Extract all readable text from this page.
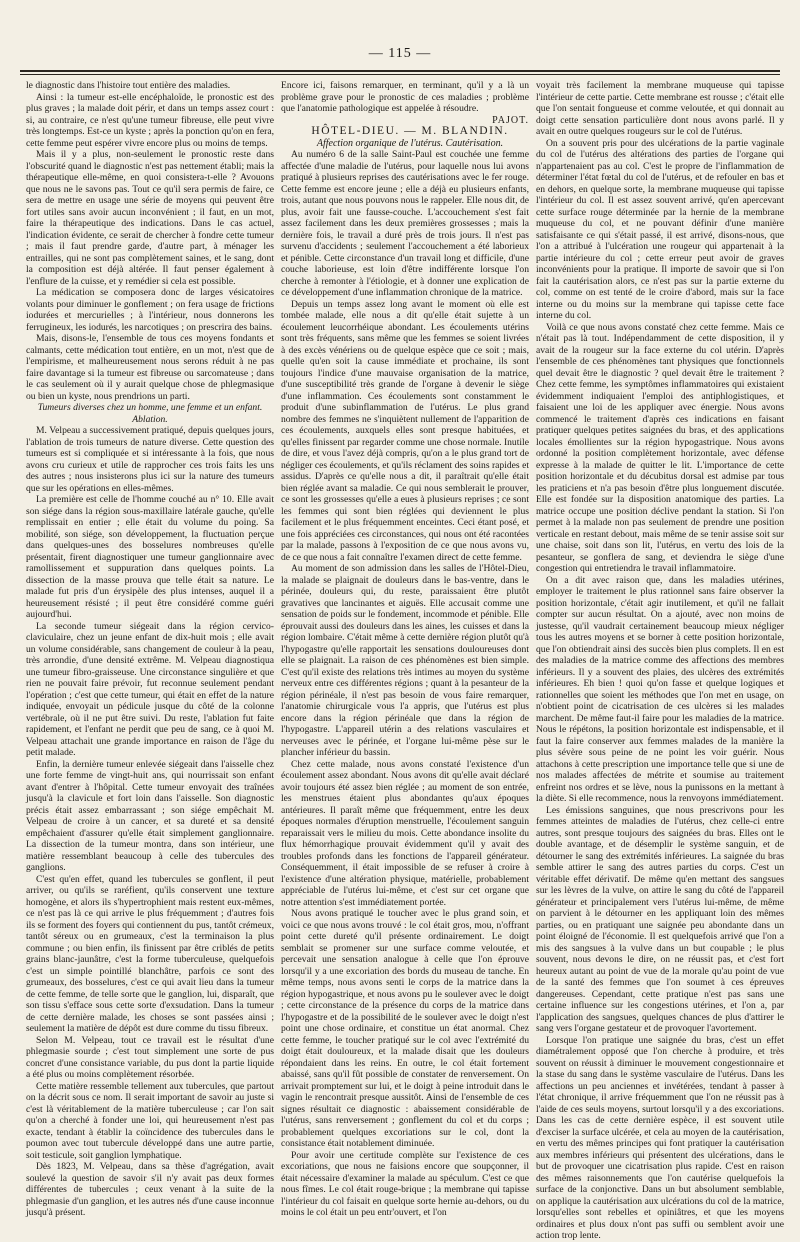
— 115 —

le diagnostic dans l'histoire tout entière des maladies.

Ainsi : la tumeur est-elle encéphaloïde, le pronostic est des plus graves ; la malade doit périr, et dans un temps assez court : si, au contraire, ce n'est qu'une tumeur fibreuse, elle peut vivre très longtemps. Est-ce un kyste ; après la ponction qu'on en fera, cette femme peut espérer vivre encore plus ou moins de temps.

Mais il y a plus, non-seulement le pronostic reste dans l'obscurité quand le diagnostic n'est pas nettement établi; mais la thérapeutique elle-même, en quoi consistera-t-elle ? Avouons que nous ne le savons pas. Tout ce qu'il sera permis de faire, ce sera de mettre en usage une série de moyens qui peuvent être fort utiles sans avoir aucun inconvénient ; il faut, en un mot, faire la thérapeutique des indications. Dans le cas actuel, l'indication évidente, ce serait de chercher à fondre cette tumeur ; mais il faut prendre garde, d'autre part, à ménager les entrailles, qui ne sont pas complètement saines, et le sang, dont la composition est déjà altérée. Il faut penser également à l'enflure de la cuisse, et y remédier si cela est possible.

La médication se composera donc de larges vésicatoires volants pour diminuer le gonflement ; on fera usage de frictions iodurées et mercurielles ; à l'intérieur, nous donnerons les ferrugineux, les iodurés, les narcotiques ; on prescrira des bains.

Mais, disons-le, l'ensemble de tous ces moyens fondants et calmants, cette médication tout entière, en un mot, n'est que de l'empirisme, et malheureusement nous serons réduit à ne pas faire davantage si la tumeur est fibreuse ou sarcomateuse ; dans le cas seulement où il y aurait quelque chose de phlegmasique ou bien un kyste, nous prendrions un parti.

Tumeurs diverses chez un homme, une femme et un enfant. Ablation.

M. Velpeau a successivement pratiqué, depuis quelques jours, l'ablation de trois tumeurs de nature diverse. Cette question des tumeurs est si compliquée et si intéressante à la fois, que nous avons cru curieux et utile de rapprocher ces trois faits les uns des autres ; nous insisterons plus ici sur la nature des tumeurs que sur les opérations en elles-mêmes.

La première est celle de l'homme couché au n° 10. Elle avait son siége dans la région sous-maxillaire latérale gauche, qu'elle remplissait en entier ; elle était du volume du poing. Sa mobilité, son siége, son développement, la fluctuation perçue dans quelques-unes des bosselures nombreuses qu'elle présentait, firent diagnostiquer une tumeur ganglionnaire avec ramollissement et suppuration dans quelques points. La dissection de la masse prouva que telle était sa nature. Le malade fut pris d'un érysipèle des plus intenses, auquel il a heureusement résisté ; il peut être considéré comme guéri aujourd'hui.

La seconde tumeur siégeait dans la région cervico-claviculaire, chez un jeune enfant de dix-huit mois ; elle avait un volume considérable, sans changement de couleur à la peau, très arrondie, d'une densité extrême. M. Velpeau diagnostiqua une tumeur fibro-graisseuse. Une circonstance singulière et que rien ne pouvait faire prévoir, fut reconnue seulement pendant l'opération ; c'est que cette tumeur, qui était en effet de la nature indiquée, envoyait un pédicule jusque du côté de la colonne vertébrale, où il ne put être suivi. Du reste, l'ablation fut faite rapidement, et l'enfant ne perdit que peu de sang, ce à quoi M. Velpeau attachait une grande importance en raison de l'âge du petit malade.

Enfin, la dernière tumeur enlevée siégeait dans l'aisselle chez une forte femme de vingt-huit ans, qui nourrissait son enfant avant d'entrer à l'hôpital. Cette tumeur envoyait des traînées jusqu'à la clavicule et fort loin dans l'aisselle. Son diagnostic précis était assez embarrassant ; son siége empêchait M. Velpeau de croire à un cancer, et sa dureté et sa densité empêchaient d'assurer qu'elle était simplement ganglionnaire. La dissection de la tumeur montra, dans son intérieur, une matière ressemblant beaucoup à celle des tubercules des ganglions.

C'est qu'en effet, quand les tubercules se gonflent, il peut arriver, ou qu'ils se raréfient, qu'ils conservent une texture homogène, et alors ils s'hypertrophient mais restent eux-mêmes, ce n'est pas là ce qui arrive le plus fréquemment ; d'autres fois ils se forment des foyers qui contiennent du pus, tantôt crémeux, tantôt séreux ou en grumeaux, c'est la terminaison la plus commune ; ou bien enfin, ils finissent par être criblés de petits grains blanc-jaunâtre, c'est la forme tuberculeuse, quelquefois c'est un simple pointillé blanchâtre, parfois ce sont des grumeaux, des bosselures, c'est ce qui avait lieu dans la tumeur de cette femme, de telle sorte que le ganglion, lui, disparaît, que son tissu s'efface sous cette sorte d'exsudation. Dans la tumeur de cette dernière malade, les choses se sont passées ainsi ; seulement la matière de dépôt est dure comme du tissu fibreux.

Selon M. Velpeau, tout ce travail est le résultat d'une phlegmasie sourde ; c'est tout simplement une sorte de pus concret d'une consistance variable, du pus dont la partie liquide a été plus ou moins complètement résorbée.

Cette matière ressemble tellement aux tubercules, que partout on la décrit sous ce nom. Il serait important de savoir au juste si c'est là véritablement de la matière tuberculeuse ; car l'on sait qu'on a cherché à fonder une loi, qui heureusement n'est pas exacte, tendant à établir la coïncidence des tubercules dans le poumon avec tout tubercule développé dans une autre partie, soit testicule, soit ganglion lymphatique.

Dès 1823, M. Velpeau, dans sa thèse d'agrégation, avait soulevé la question de savoir s'il n'y avait pas deux formes différentes de tubercules ; ceux venant à la suite de la phlegmasie d'un ganglion, et les autres nés d'une cause inconnue jusqu'à présent.

Encore ici, faisons remarquer, en terminant, qu'il y a là un problème grave pour le pronostic de ces maladies ; problème que l'anatomie pathologique est appelée à résoudre.

PAJOT.

HÔTEL-DIEU. — M. BLANDIN.

Affection organique de l'utérus. Cautérisation.

Au numéro 6 de la salle Saint-Paul est couchée une femme affectée d'une maladie de l'utérus, pour laquelle nous lui avons pratiqué à plusieurs reprises des cautérisations avec le fer rouge. Cette femme est encore jeune ; elle a déjà eu plusieurs enfants, trois, autant que nous pouvons nous le rappeler. Elle nous dit, de plus, avoir fait une fausse-couche. L'accouchement s'est fait assez facilement dans les deux premières grossesses ; mais la dernière fois, le travail a duré près de trois jours. Il n'est pas survenu d'accidents ; seulement l'accouchement a été laborieux et pénible. Cette circonstance d'un travail long et difficile, d'une couche laborieuse, est loin d'être indifférente lorsque l'on cherche à remonter à l'étiologie, et à donner une explication de ce développement d'une inflammation chronique de la matrice.

Depuis un temps assez long avant le moment où elle est tombée malade, elle nous a dit qu'elle était sujette à un écoulement leucorrhéique abondant. Les écoulements utérins sont très fréquents, sans même que les femmes se soient livrées à des excès vénériens ou de quelque espèce que ce soit ; mais, quelle qu'en soit la cause immédiate et prochaine, ils sont toujours l'indice d'une mauvaise organisation de la matrice, d'une susceptibilité très grande de l'organe à devenir le siège d'une inflammation. Ces écoulements sont constamment le produit d'une subinflammation de l'utérus. Le plus grand nombre des femmes ne s'inquiètent nullement de l'apparition de ces écoulements, auxquels elles sont presque habituées, et qu'elles finissent par regarder comme une chose normale. Inutile de dire, et vous l'avez déjà compris, qu'on a le plus grand tort de négliger ces écoulements, et qu'ils réclament des soins rapides et assidus. D'après ce qu'elle nous a dit, il paraîtrait qu'elle était bien réglée avant sa maladie. Ce qui nous semblerait le prouver, ce sont les grossesses qu'elle a eues à plusieurs reprises ; ce sont les femmes qui sont bien réglées qui deviennent le plus facilement et le plus fréquemment enceintes. Ceci étant posé, et une fois appréciées ces circonstances, qui nous ont été racontées par la malade, passons à l'exposition de ce que nous avons vu, de ce que nous a fait connaître l'examen direct de cette femme.

Au moment de son admission dans les salles de l'Hôtel-Dieu, la malade se plaignait de douleurs dans le bas-ventre, dans le périnée, douleurs qui, du reste, paraissaient être plutôt gravatives que lancinantes et aiguës. Elle accusait comme une sensation de poids sur le fondement, incommode et pénible. Elle éprouvait aussi des douleurs dans les aines, les cuisses et dans la région lombaire. C'était même à cette dernière région plutôt qu'à l'hypogastre qu'elle rapportait les sensations douloureuses dont elle se plaignait. La raison de ces phénomènes est bien simple. C'est qu'il existe des relations très intimes au moyen du système nerveux entre ces différentes régions ; quant à la pesanteur de la région périnéale, il n'est pas besoin de vous faire remarquer, l'anatomie chirurgicale vous l'a appris, que l'utérus est plus encore dans la région périnéale que dans la région de l'hypogastre. L'appareil utérin a des relations vasculaires et nerveuses avec le périnée, et l'organe lui-même pèse sur le plancher inférieur du bassin.

Chez cette malade, nous avons constaté l'existence d'un écoulement assez abondant. Nous avons dit qu'elle avait déclaré avoir toujours été assez bien réglée ; au moment de son entrée, les menstrues étaient plus abondantes qu'aux époques antérieures. Il paraît même que fréquemment, entre les deux époques normales d'éruption menstruelle, l'écoulement sanguin reparaissait vers le milieu du mois. Cette abondance insolite du flux hémorrhagique prouvait évidemment qu'il y avait des troubles profonds dans les fonctions de l'appareil générateur. Conséquemment, il était impossible de se refuser à croire à l'existence d'une altération physique, matérielle, probablement appréciable de l'utérus lui-même, et c'est sur cet organe que notre attention s'est immédiatement portée.

Nous avons pratiqué le toucher avec le plus grand soin, et voici ce que nous avons trouvé : le col était gros, mou, n'offrant point cette dureté qu'il présente ordinairement. Le doigt semblait se promener sur une surface comme veloutée, et percevait une sensation analogue à celle que l'on éprouve lorsqu'il y a une excoriation des bords du museau de tanche. En même temps, nous avons senti le corps de la matrice dans la région hypogastrique, et nous avons pu le soulever avec le doigt ; cette circonstance de la présence du corps de la matrice dans l'hypogastre et de la possibilité de le soulever avec le doigt n'est point une chose ordinaire, et constitue un état anormal. Chez cette femme, le toucher pratiqué sur le col avec l'extrémité du doigt était douloureux, et la malade disait que les douleurs répondaient dans les reins. En outre, le col était fortement abaissé, sans qu'il fût possible de constater de renversement. On arrivait promptement sur lui, et le doigt à peine introduit dans le vagin le rencontrait presque aussitôt. Ainsi de l'ensemble de ces signes résultait ce diagnostic : abaissement considérable de l'utérus, sans renversement ; gonflement du col et du corps ; probablement quelques excoriations sur le col, dont la consistance était notablement diminuée.

Pour avoir une certitude complète sur l'existence de ces excoriations, que nous ne faisions encore que soupçonner, il était nécessaire d'examiner la malade au spéculum. C'est ce que nous fîmes. Le col était rouge-brique ; la membrane qui tapisse l'intérieur du col faisait en quelque sorte hernie au-dehors, ou du moins le col était un peu entr'ouvert, et l'on

voyait très facilement la membrane muqueuse qui tapisse l'intérieur de cette partie. Cette membrane est rousse ; c'était elle que l'on sentait fongueuse et comme veloutée, et qui donnait au doigt cette sensation particulière dont nous avons parlé. Il y avait en outre quelques rougeurs sur le col de l'utérus.

On a souvent pris pour des ulcérations de la partie vaginale du col de l'utérus des altérations des parties de l'organe qui n'appartenaient pas au col. C'est le propre de l'inflammation de déterminer l'état fœtal du col de l'utérus, et de refouler en bas et en dehors, en quelque sorte, la membrane muqueuse qui tapisse l'intérieur du col. Il est assez souvent arrivé, qu'en apercevant cette surface rouge déterminée par la hernie de la membrane muqueuse du col, et ne pouvant définir d'une manière satisfaisante ce qui s'était passé, il est arrivé, disons-nous, que l'on a attribué à l'ulcération une rougeur qui appartenait à la partie intérieure du col ; cette erreur peut avoir de graves inconvénients pour la pratique. Il importe de savoir que si l'on fait la cautérisation alors, ce n'est pas sur la partie externe du col, comme on est tenté de le croire d'abord, mais sur la face interne ou du moins sur la membrane qui tapisse cette face interne du col.

Voilà ce que nous avons constaté chez cette femme. Mais ce n'était pas là tout. Indépendamment de cette disposition, il y avait de la rougeur sur la face externe du col utérin. D'après l'ensemble de ces phénomènes tant physiques que fonctionnels quel devait être le diagnostic ? quel devait être le traitement ? Chez cette femme, les symptômes inflammatoires qui existaient évidemment indiquaient l'emploi des antiphlogistiques, et faisaient une loi de les appliquer avec énergie. Nous avons commencé le traitement d'après ces indications en faisant pratiquer quelques petites saignées du bras, et des applications locales émollientes sur la région hypogastrique. Nous avons ordonné la position complètement horizontale, avec défense expresse à la malade de quitter le lit. L'importance de cette position horizontale et du décubitus dorsal est admise par tous les praticiens et n'a pas besoin d'être plus longuement discutée. Elle est fondée sur la disposition anatomique des parties. La matrice occupe une position déclive pendant la station. Si l'on permet à la malade non pas seulement de prendre une position verticale en restant debout, mais même de se tenir assise soit sur une chaise, soit dans son lit, l'utérus, en vertu des lois de la pesanteur, se gonflera de sang, et deviendra le siège d'une congestion qui entretiendra le travail inflammatoire.

On a dit avec raison que, dans les maladies utérines, employer le traitement le plus rationnel sans faire observer la position horizontale, c'était agir inutilement, et qu'il ne fallait compter sur aucun résultat. On a ajouté, avec non moins de justesse, qu'il vaudrait certainement beaucoup mieux négliger tous les autres moyens et se borner à cette position horizontale, que l'on obtiendrait ainsi des succès bien plus complets. Il en est des maladies de la matrice comme des affections des membres inférieurs. Il y a souvent des plaies, des ulcères des extrémités inférieures. Eh bien ! quoi qu'on fasse et quelque logiques et rationnelles que soient les méthodes que l'on met en usage, on n'obtient point de cicatrisation de ces ulcères si les malades marchent. De même faut-il faire pour les maladies de la matrice. Nous le répétons, la position horizontale est indispensable, et il faut la faire conserver aux femmes malades de la manière la plus sévère sous peine de ne point les voir guérir. Nous attachons à cette prescription une importance telle que si une de nos malades affectées de métrite et soumise au traitement enfreint nos ordres et se lève, nous la punissons en la mettant à la diète. Si elle recommence, nous la renvoyons immédiatement.

Les émissions sanguines, que nous prescrivons pour les femmes atteintes de maladies de l'utérus, chez celle-ci entre autres, sont presque toujours des saignées du bras. Elles ont le double avantage, et de désemplir le système sanguin, et de détourner le sang des extrémités inférieures. La saignée du bras semble attirer le sang des autres parties du corps. C'est un véritable effet dérivatif. De même qu'en mettant des sangsues sur les lèvres de la vulve, on attire le sang du côté de l'appareil générateur et principalement vers l'utérus lui-même, de même on parvient à le détourner en les appliquant loin des mêmes parties, ou en pratiquant une saignée peu abondante dans un point éloigné de l'économie. Il est quelquefois arrivé que l'on a mis des sangsues à la vulve dans un but coupable ; le plus souvent, nous devons le dire, on ne réussit pas, et c'est fort heureux autant au point de vue de la morale qu'au point de vue de la santé des femmes que l'on soumet à ces épreuves dangereuses. Cependant, cette pratique n'est pas sans une certaine influence sur les congestions utérines, et l'on a, par l'application des sangsues, quelques chances de plus d'attirer le sang vers l'organe gestateur et de provoquer l'avortement.

Lorsque l'on pratique une saignée du bras, c'est un effet diamétralement opposé que l'on cherche à produire, et très souvent on réussit à diminuer le mouvement congestionnaire et la stase du sang dans le système vasculaire de l'utérus. Dans les affections un peu anciennes et invétérées, tendant à passer à l'état chronique, il arrive fréquemment que l'on ne réussit pas à l'aide de ces seuls moyens, surtout lorsqu'il y a des excoriations. Dans les cas de cette dernière espèce, il est souvent utile d'exciser la surface ulcérée, et cela au moyen de la cautérisation, en vertu des mêmes principes qui font pratiquer la cautérisation aux membres inférieurs qui présentent des ulcérations, dans le but de provoquer une cicatrisation plus rapide. C'est en raison des mêmes raisonnements que l'on cautérise quelquefois la surface de la conjonctive. Dans un but absolument semblable, on applique la cautérisation aux ulcérations du col de la matrice, lorsqu'elles sont rebelles et opiniâtres, et que les moyens ordinaires et plus doux n'ont pas suffi ou semblent avoir une action trop lente.
